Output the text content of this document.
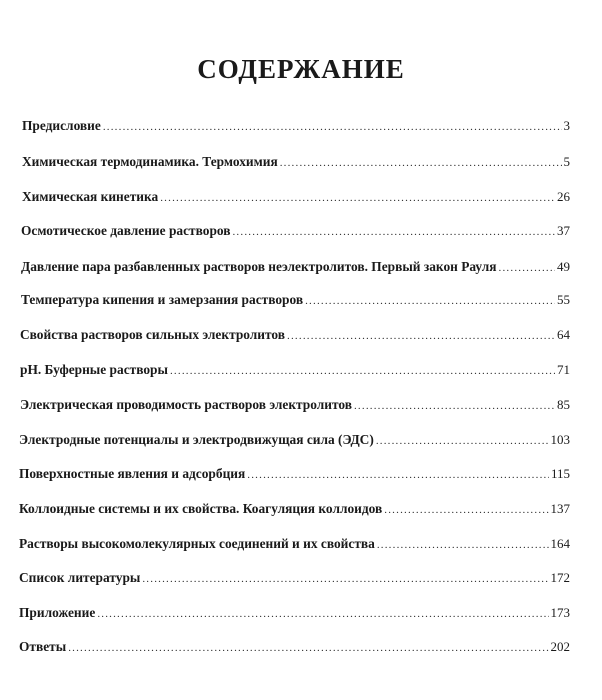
СОДЕРЖАНИЕ
Предисловие .....	3
Химическая термодинамика. Термохимия .....	5
Химическая кинетика .....	26
Осмотическое давление растворов .....	37
Давление пара разбавленных растворов неэлектролитов. Первый закон Рауля .....	49
Температура кипения и замерзания растворов .....	55
Свойства растворов сильных электролитов .....	64
pH. Буферные растворы .....	71
Электрическая проводимость растворов электролитов .....	85
Электродные потенциалы и электродвижущая сила (ЭДС) .....	103
Поверхностные явления и адсорбция .....	115
Коллоидные системы и их свойства. Коагуляция коллоидов .....	137
Растворы высокомолекулярных соединений и их свойства .....	164
Список литературы .....	172
Приложение .....	173
Ответы .....	202
